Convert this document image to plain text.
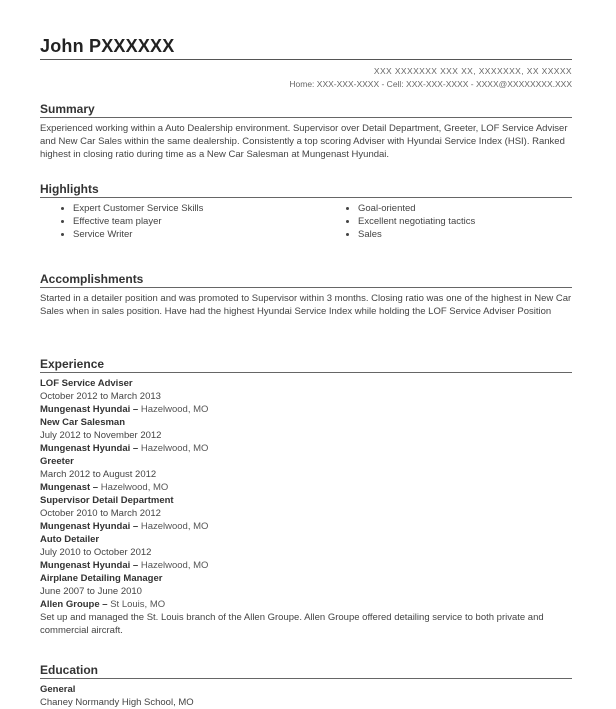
John PXXXXXX
XXX XXXXXXX XXX XX, XXXXXXX, XX XXXXX
Home: XXX-XXX-XXXX - Cell: XXX-XXX-XXXX - XXXX@XXXXXXXX.XXX
Summary
Experienced working within a Auto Dealership environment. Supervisor over Detail Department, Greeter, LOF Service Adviser and New Car Sales within the same dealership. Consistently a top scoring Adviser with Hyundai Service Index (HSI). Ranked highest in closing ratio during time as a New Car Salesman at Mungenast Hyundai.
Highlights
Expert Customer Service Skills
Effective team player
Service Writer
Goal-oriented
Excellent negotiating tactics
Sales
Accomplishments
Started in a detailer position and was promoted to Supervisor within 3 months. Closing ratio was one of the highest in New Car Sales when in sales position. Have had the highest Hyundai Service Index while holding the LOF Service Adviser Position
Experience
LOF Service Adviser
October 2012 to March 2013
Mungenast Hyundai – Hazelwood, MO
New Car Salesman
July 2012 to November 2012
Mungenast Hyundai – Hazelwood, MO
Greeter
March 2012 to August 2012
Mungenast – Hazelwood, MO
Supervisor Detail Department
October 2010 to March 2012
Mungenast Hyundai – Hazelwood, MO
Auto Detailer
July 2010 to October 2012
Mungenast Hyundai – Hazelwood, MO
Airplane Detailing Manager
June 2007 to June 2010
Allen Groupe – St Louis, MO
Set up and managed the St. Louis branch of the Allen Groupe. Allen Groupe offered detailing service to both private and commercial aircraft.
Education
General
Chaney Normandy High School, MO
